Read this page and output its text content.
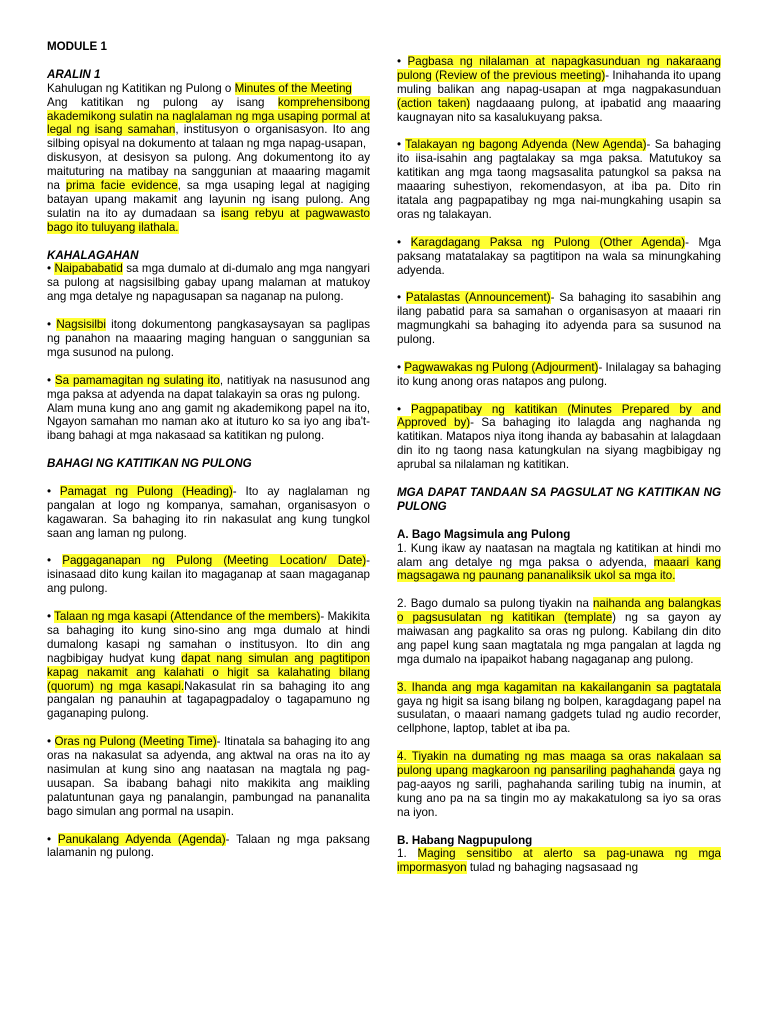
MODULE 1

ARALIN 1

Kahulugan ng Katitikan ng Pulong o Minutes of the Meeting

Ang katitikan ng pulong ay isang komprehensibong akademikong sulatin na naglalaman ng mga usaping pormal at legal ng isang samahan, institusyon o organisasyon. Ito ang silbing opisyal na dokumento at talaan ng mga napag-usapan,

diskusyon, at desisyon sa pulong. Ang dokumentong ito ay maituturing na matibay na sanggunian at maaaring magamit na prima facie evidence, sa mga usaping legal at nagiging batayan upang makamit ang layunin ng isang pulong. Ang sulatin na ito ay dumadaan sa isang rebyu at pagwawasto bago ito tuluyang ilathala.

KAHALAGAHAN

• Naipababatid sa mga dumalo at di-dumalo ang mga nangyari sa pulong at nagsisilbing gabay upang malaman at matukoy ang mga detalye ng napagusapan sa naganap na pulong.

• Nagsisilbi itong dokumentong pangkasaysayan sa paglipas ng panahon na maaaring maging hanguan o sanggunian sa mga susunod na pulong.

• Sa pamamagitan ng sulating ito, natitiyak na nasusunod ang mga paksa at adyenda na dapat talakayin sa oras ng pulong.

Alam muna kung ano ang gamit ng akademikong papel na ito, Ngayon samahan mo naman ako at ituturo ko sa iyo ang iba't- ibang bahagi at mga nakasaad sa katitikan ng pulong.

BAHAGI NG KATITIKAN NG PULONG

• Pamagat ng Pulong (Heading)- Ito ay naglalaman ng pangalan at logo ng kompanya, samahan, organisasyon o kagawaran. Sa bahaging ito rin nakasulat ang kung tungkol saan ang laman ng pulong.

• Paggaganapan ng Pulong (Meeting Location/ Date)- isinasaad dito kung kailan ito magaganap at saan magaganap ang pulong.

• Talaan ng mga kasapi (Attendance of the members)- Makikita sa bahaging ito kung sino-sino ang mga dumalo at hindi dumalong kasapi ng samahan o institusyon. Ito din ang nagbibigay hudyat kung dapat nang simulan ang pagtitipon kapag nakamit ang kalahati o higit sa kalahating bilang (quorum) ng mga kasapi.Nakasulat rin sa bahaging ito ang pangalan ng panauhin at tagapagpadaloy o tagapamuno ng gaganaping pulong.

• Oras ng Pulong (Meeting Time)- Itinatala sa bahaging ito ang oras na nakasulat sa adyenda, ang aktwal na oras na ito ay nasimulan at kung sino ang naatasan na magtala ng pag-uusapan. Sa ibabang bahagi nito makikita ang maikling palatuntunan gaya ng panalangin, pambungad na pananalita bago simulan ang pormal na usapin.

• Panukalang Adyenda (Agenda)- Talaan ng mga paksang lalamanin ng pulong.

• Pagbasa ng nilalaman at napagkasunduan ng nakaraang pulong (Review of the previous meeting)- Inihahanda ito upang muling balikan ang napag-usapan at mga nagpakasunduan (action taken) nagdaaang pulong, at ipabatid ang maaaring kaugnayan nito sa kasalukuyang paksa.

• Talakayan ng bagong Adyenda (New Agenda)- Sa bahaging ito iisa-isahin ang pagtalakay sa mga paksa. Matutukoy sa katitikan ang mga taong magsasalita patungkol sa paksa na maaaring suhestiyon, rekomendasyon, at iba pa. Dito rin itatala ang pagpapatibay ng mga nai-mungkahing usapin sa oras ng talakayan.

• Karagdagang Paksa ng Pulong (Other Agenda)- Mga paksang matatalakay sa pagtitipon na wala sa minungkahing adyenda.

• Patalastas (Announcement)- Sa bahaging ito sasabihin ang ilang pabatid para sa samahan o organisasyon at maaari rin magmungkahi sa bahaging ito adyenda para sa susunod na pulong.

• Pagwawakas ng Pulong (Adjourment)- Inilalagay sa bahaging ito kung anong oras natapos ang pulong.

• Pagpapatibay ng katitikan (Minutes Prepared by and Approved by)- Sa bahaging ito lalagda ang naghanda ng katitikan. Matapos niya itong ihanda ay babasahin at lalagdaan din ito ng taong nasa katungkulan na siyang magbibigay ng aprubal sa nilalaman ng katitikan.

MGA DAPAT TANDAAN SA PAGSULAT NG KATITIKAN NG PULONG

A. Bago Magsimula ang Pulong

1. Kung ikaw ay naatasan na magtala ng katitikan at hindi mo alam ang detalye ng mga paksa o adyenda, maaari kang magsagawa ng paunang pananaliksik ukol sa mga ito.

2. Bago dumalo sa pulong tiyakin na naihanda ang balangkas o pagsusulatan ng katitikan (template) ng sa gayon ay maiwasan ang pagkalito sa oras ng pulong. Kabilang din dito ang papel kung saan magtatala ng mga pangalan at lagda ng mga dumalo na ipapaikot habang nagaganap ang pulong.

3. Ihanda ang mga kagamitan na kakailanganin sa pagtatala gaya ng higit sa isang bilang ng bolpen, karagdagang papel na susulatan, o maaari namang gadgets tulad ng audio recorder, cellphone, laptop, tablet at iba pa.

4. Tiyakin na dumating ng mas maaga sa oras nakalaan sa pulong upang magkaroon ng pansariling paghahanda gaya ng pag-aayos ng sarili, paghahanda sariling tubig na inumin, at kung ano pa na sa tingin mo ay makakatulong sa iyo sa oras na iyon.

B. Habang Nagpupulong

1. Maging sensitibo at alerto sa pag-unawa ng mga impormasyon tulad ng bahaging nagsasaad ng
